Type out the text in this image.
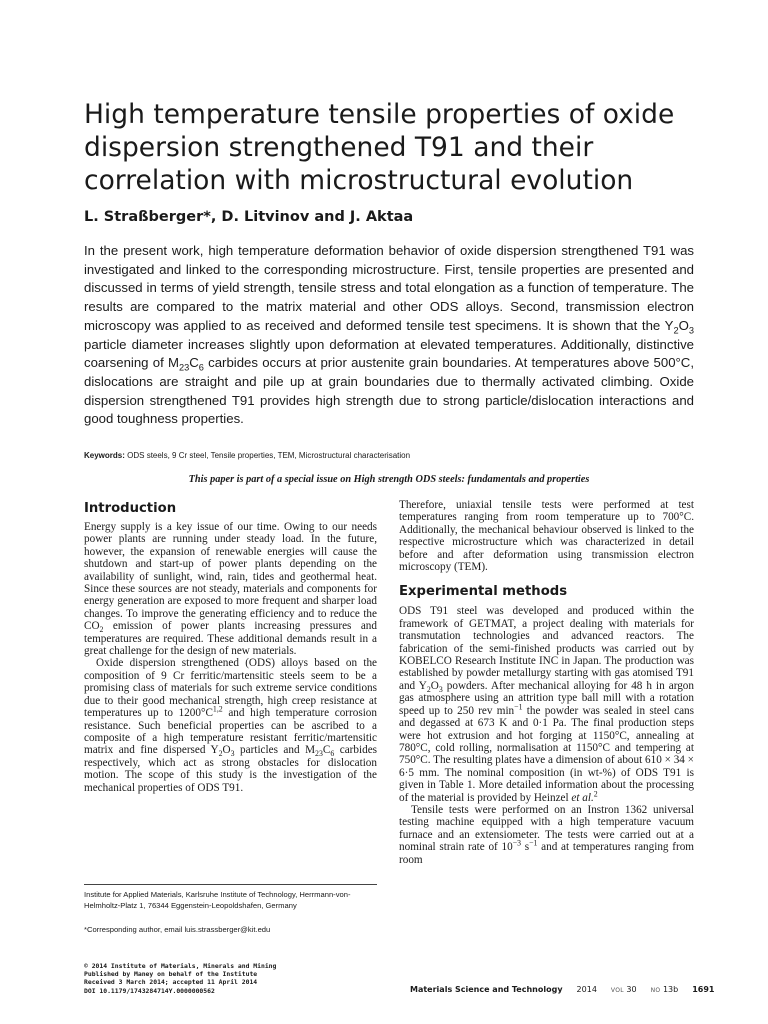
High temperature tensile properties of oxide dispersion strengthened T91 and their correlation with microstructural evolution
L. Straßberger*, D. Litvinov and J. Aktaa

In the present work, high temperature deformation behavior of oxide dispersion strengthened T91 was investigated and linked to the corresponding microstructure. First, tensile properties are presented and discussed in terms of yield strength, tensile stress and total elongation as a function of temperature. The results are compared to the matrix material and other ODS alloys. Second, transmission electron microscopy was applied to as received and deformed tensile test specimens. It is shown that the $Y_2O_3$ particle diameter increases slightly upon deformation at elevated temperatures. Additionally, distinctive coarsening of $M_{23}C_6$ carbides occurs at prior austenite grain boundaries. At temperatures above 500°C, dislocations are straight and pile up at grain boundaries due to thermally activated climbing. Oxide dispersion strengthened T91 provides high strength due to strong particle/dislocation interactions and good toughness properties.

Keywords: ODS steels, 9 Cr steel, Tensile properties, TEM, Microstructural characterisation
This paper is part of a special issue on High strength ODS steels: fundamentals and properties
Introduction

Energy supply is a key issue of our time. Owing to our needs power plants are running under steady load. In the future, however, the expansion of renewable energies will cause the shutdown and start-up of power plants depending on the availability of sunlight, wind, rain, tides and geothermal heat. Since these sources are not steady, materials and components for energy generation are exposed to more frequent and sharper load changes. To improve the generating efficiency and to reduce the $CO_2$ emission of power plants increasing pressures and temperatures are required. These additional demands result in a great challenge for the design of new materials.

Oxide dispersion strengthened (ODS) alloys based on the composition of 9 Cr ferritic/martensitic steels seem to be a promising class of materials for such extreme service conditions due to their good mechanical strength, high creep resistance at temperatures up to $1200^\circ C^{1,2}$ and high temperature corrosion resistance. Such beneficial properties can be ascribed to a composite of a high temperature resistant ferritic/martensitic matrix and fine dispersed $Y_2O_3$ particles and $M_{23}C_6$ carbides respectively, which act as strong obstacles for dislocation motion. The scope of this study is the investigation of the mechanical properties of ODS T91.

Therefore, uniaxial tensile tests were performed at test temperatures ranging from room temperature up to 700°C. Additionally, the mechanical behaviour observed is linked to the respective microstructure which was characterized in detail before and after deformation using transmission electron microscopy (TEM).

Experimental methods

ODS T91 steel was developed and produced within the framework of GETMAT, a project dealing with materials for transmutation technologies and advanced reactors. The fabrication of the semi-finished products was carried out by KOBELCO Research Institute INC in Japan. The production was established by powder metallurgy starting with gas atomised T91 and $Y_2O_3$ powders. After mechanical alloying for 48 h in argon gas atmosphere using an attrition type ball mill with a rotation speed up to 250 rev $\min^{-1}$ the powder was sealed in steel cans and degassed at 673 K and 0·1 Pa. The final production steps were hot extrusion and hot forging at 1150°C, annealing at 780°C, cold rolling, normalisation at 1150°C and tempering at 750°C. The resulting plates have a dimension of about 610 × 34 × 6·5 mm. The nominal composition (in wt-%) of ODS T91 is given in Table 1. More detailed information about the processing of the material is provided by Heinzel et al.$^2$

Tensile tests were performed on an Instron 1362 universal testing machine equipped with a high temperature vacuum furnace and an extensiometer. The tests were carried out at a nominal strain rate of $10^{-3}$ $s^{-1}$ and at temperatures ranging from room

Institute for Applied Materials, Karlsruhe Institute of Technology, Herrmann-von-Helmholtz-Platz 1, 76344 Eggenstein-Leopoldshafen, Germany
*Corresponding author, email luis.strassberger@kit.edu
© 2014 Institute of Materials, Minerals and Mining
Published by Maney on behalf of the Institute
Received 3 March 2014; accepted 11 April 2014
DOI 10.1179/1743284714Y.0000000562	Materials Science and Technology 2014 VOL 30 NO 13b 1691
